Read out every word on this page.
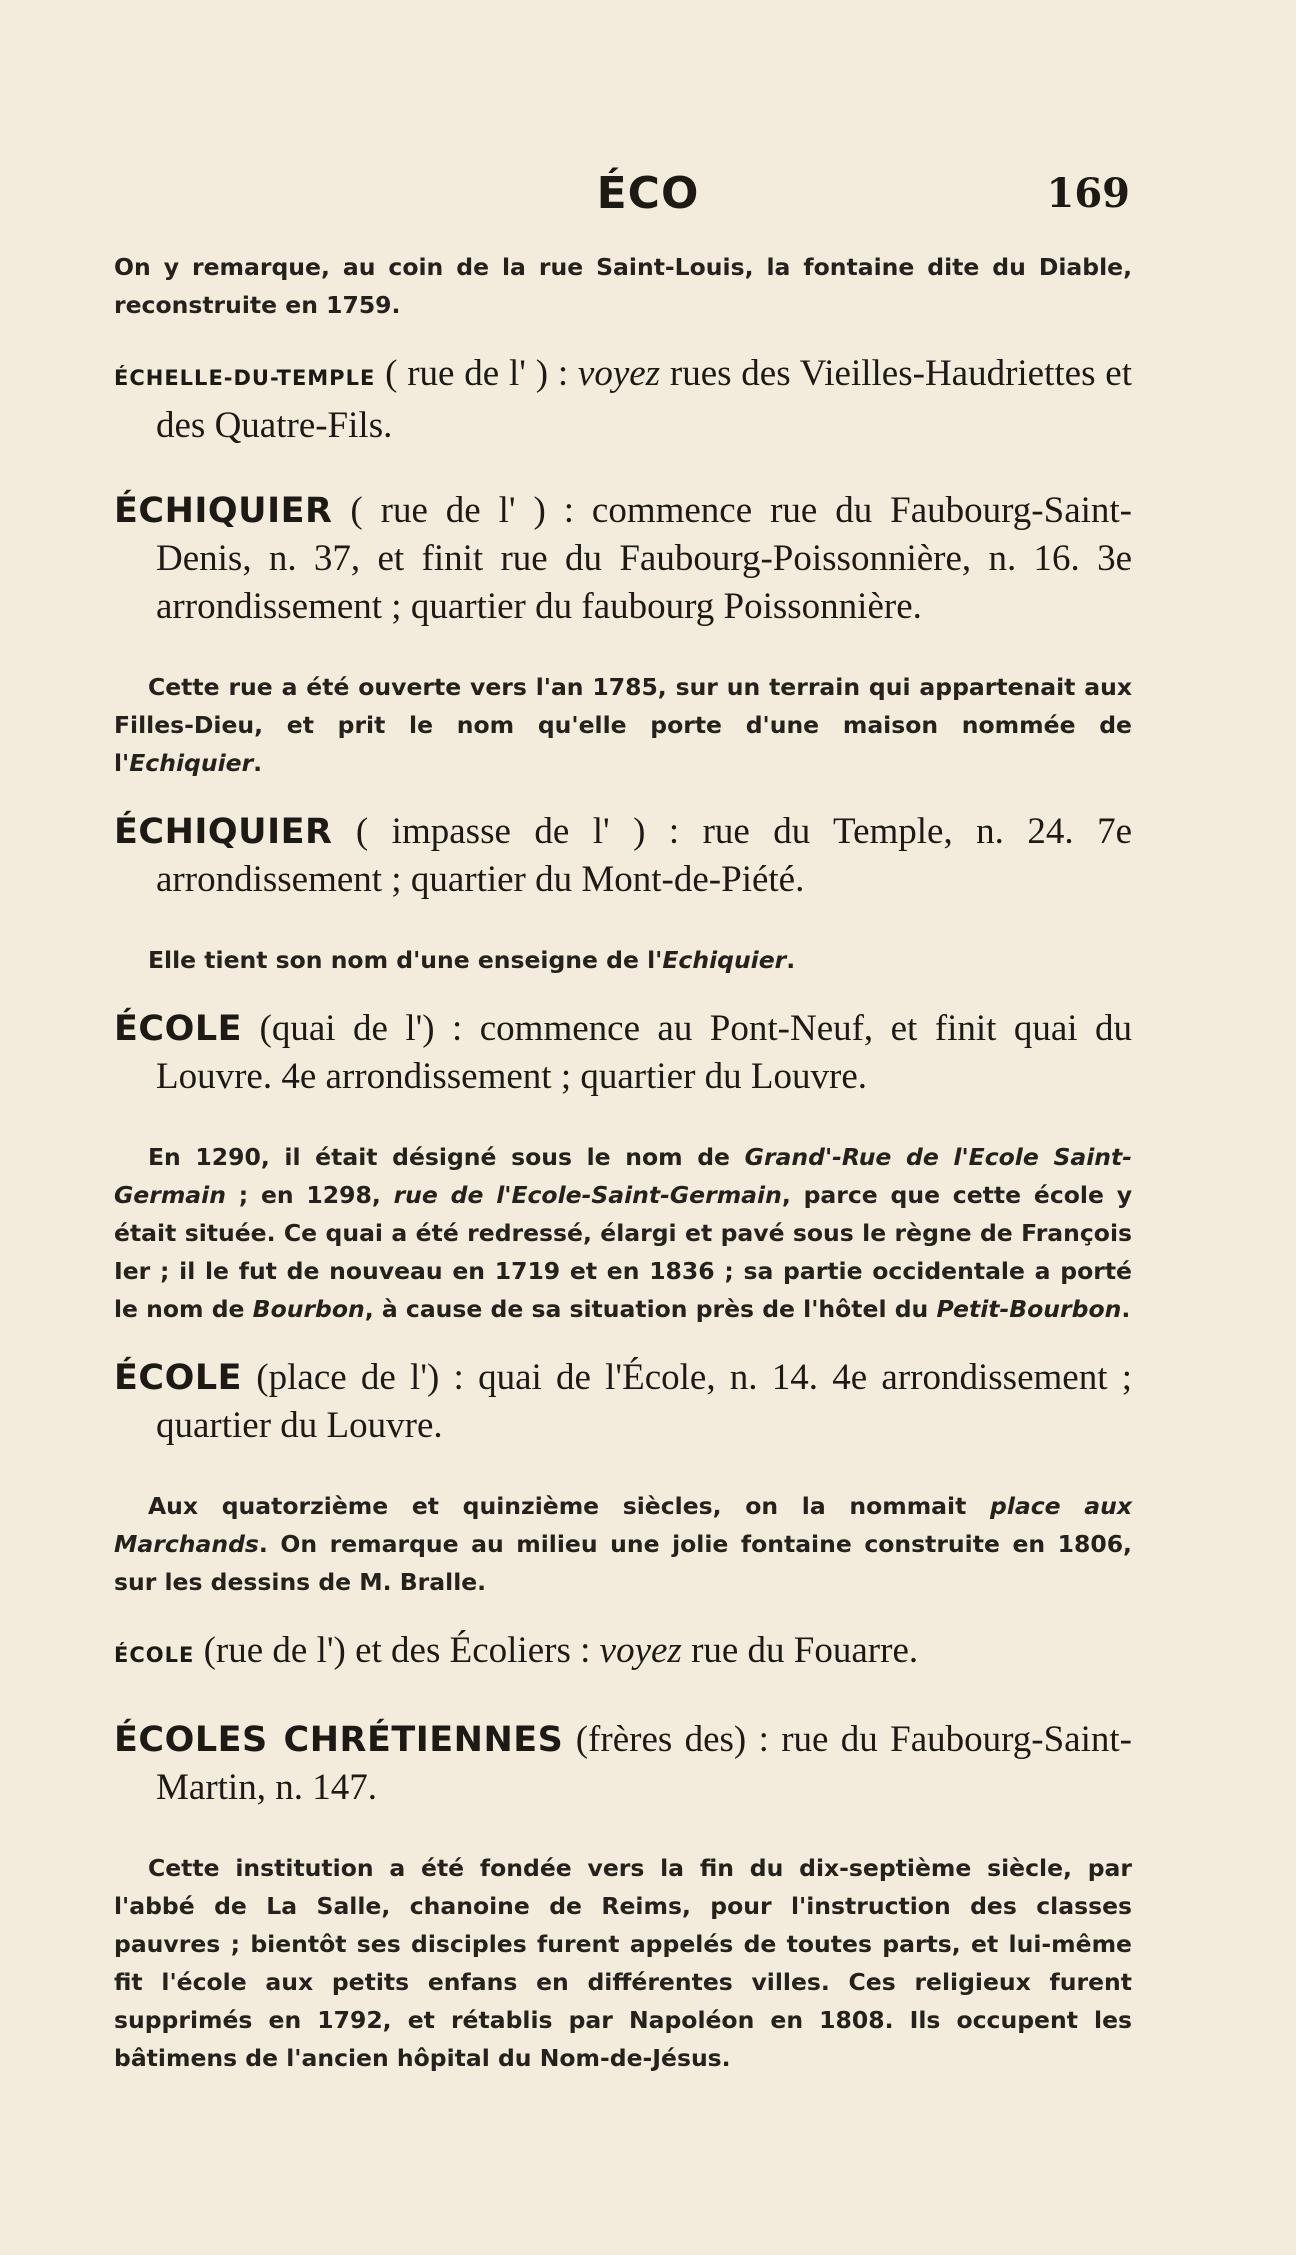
ÉCO	169

On y remarque, au coin de la rue Saint-Louis, la fontaine dite du Diable, reconstruite en 1759.

ÉCHELLE-DU-TEMPLE ( rue de l' ) : voyez rues des Vieilles-Haudriettes et des Quatre-Fils.

ÉCHIQUIER ( rue de l' ) : commence rue du Faubourg-Saint-Denis, n. 37, et finit rue du Faubourg-Poissonnière, n. 16. 3e arrondissement ; quartier du faubourg Poissonnière.

Cette rue a été ouverte vers l'an 1785, sur un terrain qui appartenait aux Filles-Dieu, et prit le nom qu'elle porte d'une maison nommée de l'Echiquier.

ÉCHIQUIER ( impasse de l' ) : rue du Temple, n. 24. 7e arrondissement ; quartier du Mont-de-Piété.

Elle tient son nom d'une enseigne de l'Echiquier.

ÉCOLE (quai de l') : commence au Pont-Neuf, et finit quai du Louvre. 4e arrondissement ; quartier du Louvre.

En 1290, il était désigné sous le nom de Grand'-Rue de l'Ecole Saint-Germain ; en 1298, rue de l'Ecole-Saint-Germain, parce que cette école y était située. Ce quai a été redressé, élargi et pavé sous le règne de François Ier ; il le fut de nouveau en 1719 et en 1836 ; sa partie occidentale a porté le nom de Bourbon, à cause de sa situation près de l'hôtel du Petit-Bourbon.

ÉCOLE (place de l') : quai de l'École, n. 14. 4e arrondissement ; quartier du Louvre.

Aux quatorzième et quinzième siècles, on la nommait place aux Marchands. On remarque au milieu une jolie fontaine construite en 1806, sur les dessins de M. Bralle.

ÉCOLE (rue de l') et des Écoliers : voyez rue du Fouarre.

ÉCOLES CHRÉTIENNES (frères des) : rue du Faubourg-Saint-Martin, n. 147.

Cette institution a été fondée vers la fin du dix-septième siècle, par l'abbé de La Salle, chanoine de Reims, pour l'instruction des classes pauvres ; bientôt ses disciples furent appelés de toutes parts, et lui-même fit l'école aux petits enfans en différentes villes. Ces religieux furent supprimés en 1792, et rétablis par Napoléon en 1808. Ils occupent les bâtimens de l'ancien hôpital du Nom-de-Jésus.
